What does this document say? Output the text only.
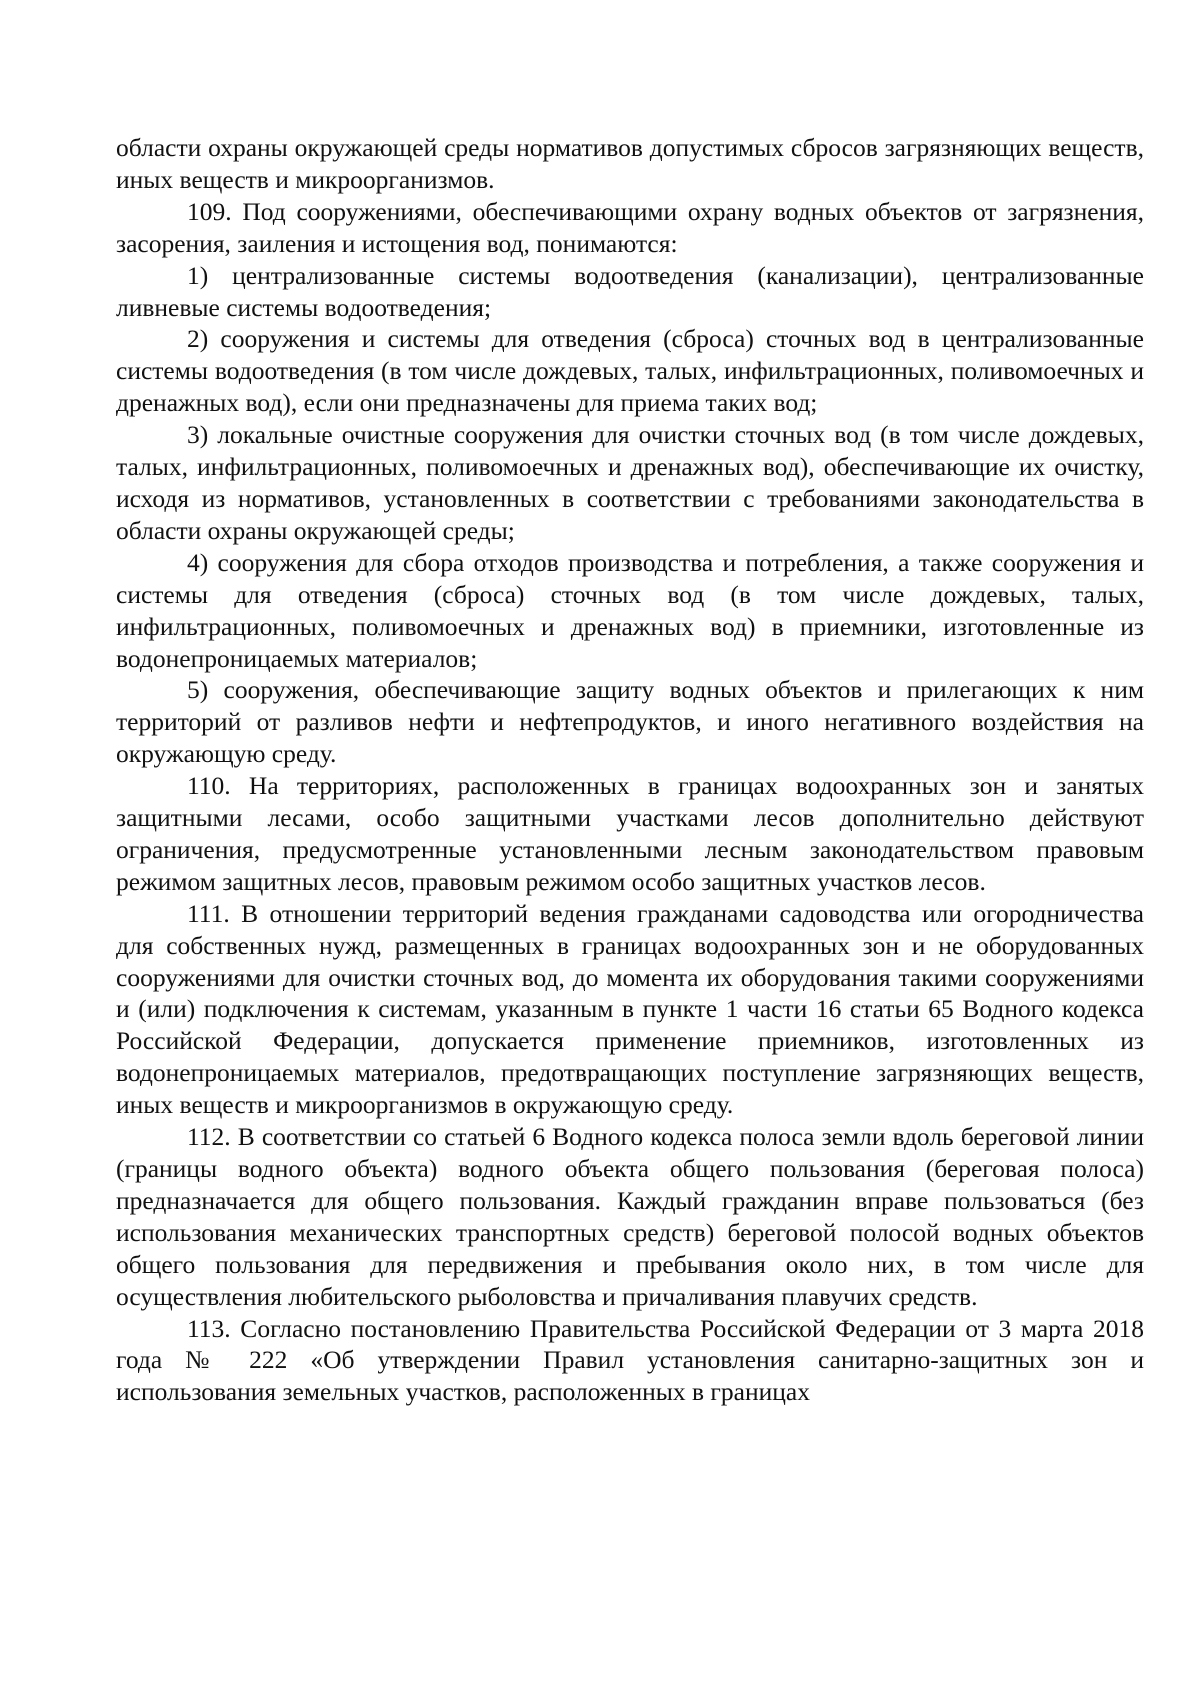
области охраны окружающей среды нормативов допустимых сбросов загрязняющих веществ, иных веществ и микроорганизмов.

109. Под сооружениями, обеспечивающими охрану водных объектов от загрязнения, засорения, заиления и истощения вод, понимаются:

1) централизованные системы водоотведения (канализации), централизованные ливневые системы водоотведения;

2) сооружения и системы для отведения (сброса) сточных вод в централизованные системы водоотведения (в том числе дождевых, талых, инфильтрационных, поливомоечных и дренажных вод), если они предназначены для приема таких вод;

3) локальные очистные сооружения для очистки сточных вод (в том числе дождевых, талых, инфильтрационных, поливомоечных и дренажных вод), обеспечивающие их очистку, исходя из нормативов, установленных в соответствии с требованиями законодательства в области охраны окружающей среды;

4) сооружения для сбора отходов производства и потребления, а также сооружения и системы для отведения (сброса) сточных вод (в том числе дождевых, талых, инфильтрационных, поливомоечных и дренажных вод) в приемники, изготовленные из водонепроницаемых материалов;

5) сооружения, обеспечивающие защиту водных объектов и прилегающих к ним территорий от разливов нефти и нефтепродуктов, и иного негативного воздействия на окружающую среду.

110. На территориях, расположенных в границах водоохранных зон и занятых защитными лесами, особо защитными участками лесов дополнительно действуют ограничения, предусмотренные установленными лесным законодательством правовым режимом защитных лесов, правовым режимом особо защитных участков лесов.

111. В отношении территорий ведения гражданами садоводства или огородничества для собственных нужд, размещенных в границах водоохранных зон и не оборудованных сооружениями для очистки сточных вод, до момента их оборудования такими сооружениями и (или) подключения к системам, указанным в пункте 1 части 16 статьи 65 Водного кодекса Российской Федерации, допускается применение приемников, изготовленных из водонепроницаемых материалов, предотвращающих поступление загрязняющих веществ, иных веществ и микроорганизмов в окружающую среду.

112. В соответствии со статьей 6 Водного кодекса полоса земли вдоль береговой линии (границы водного объекта) водного объекта общего пользования (береговая полоса) предназначается для общего пользования. Каждый гражданин вправе пользоваться (без использования механических транспортных средств) береговой полосой водных объектов общего пользования для передвижения и пребывания около них, в том числе для осуществления любительского рыболовства и причаливания плавучих средств.

113. Согласно постановлению Правительства Российской Федерации от 3 марта 2018 года № 222 «Об утверждении Правил установления санитарно-защитных зон и использования земельных участков, расположенных в границах
